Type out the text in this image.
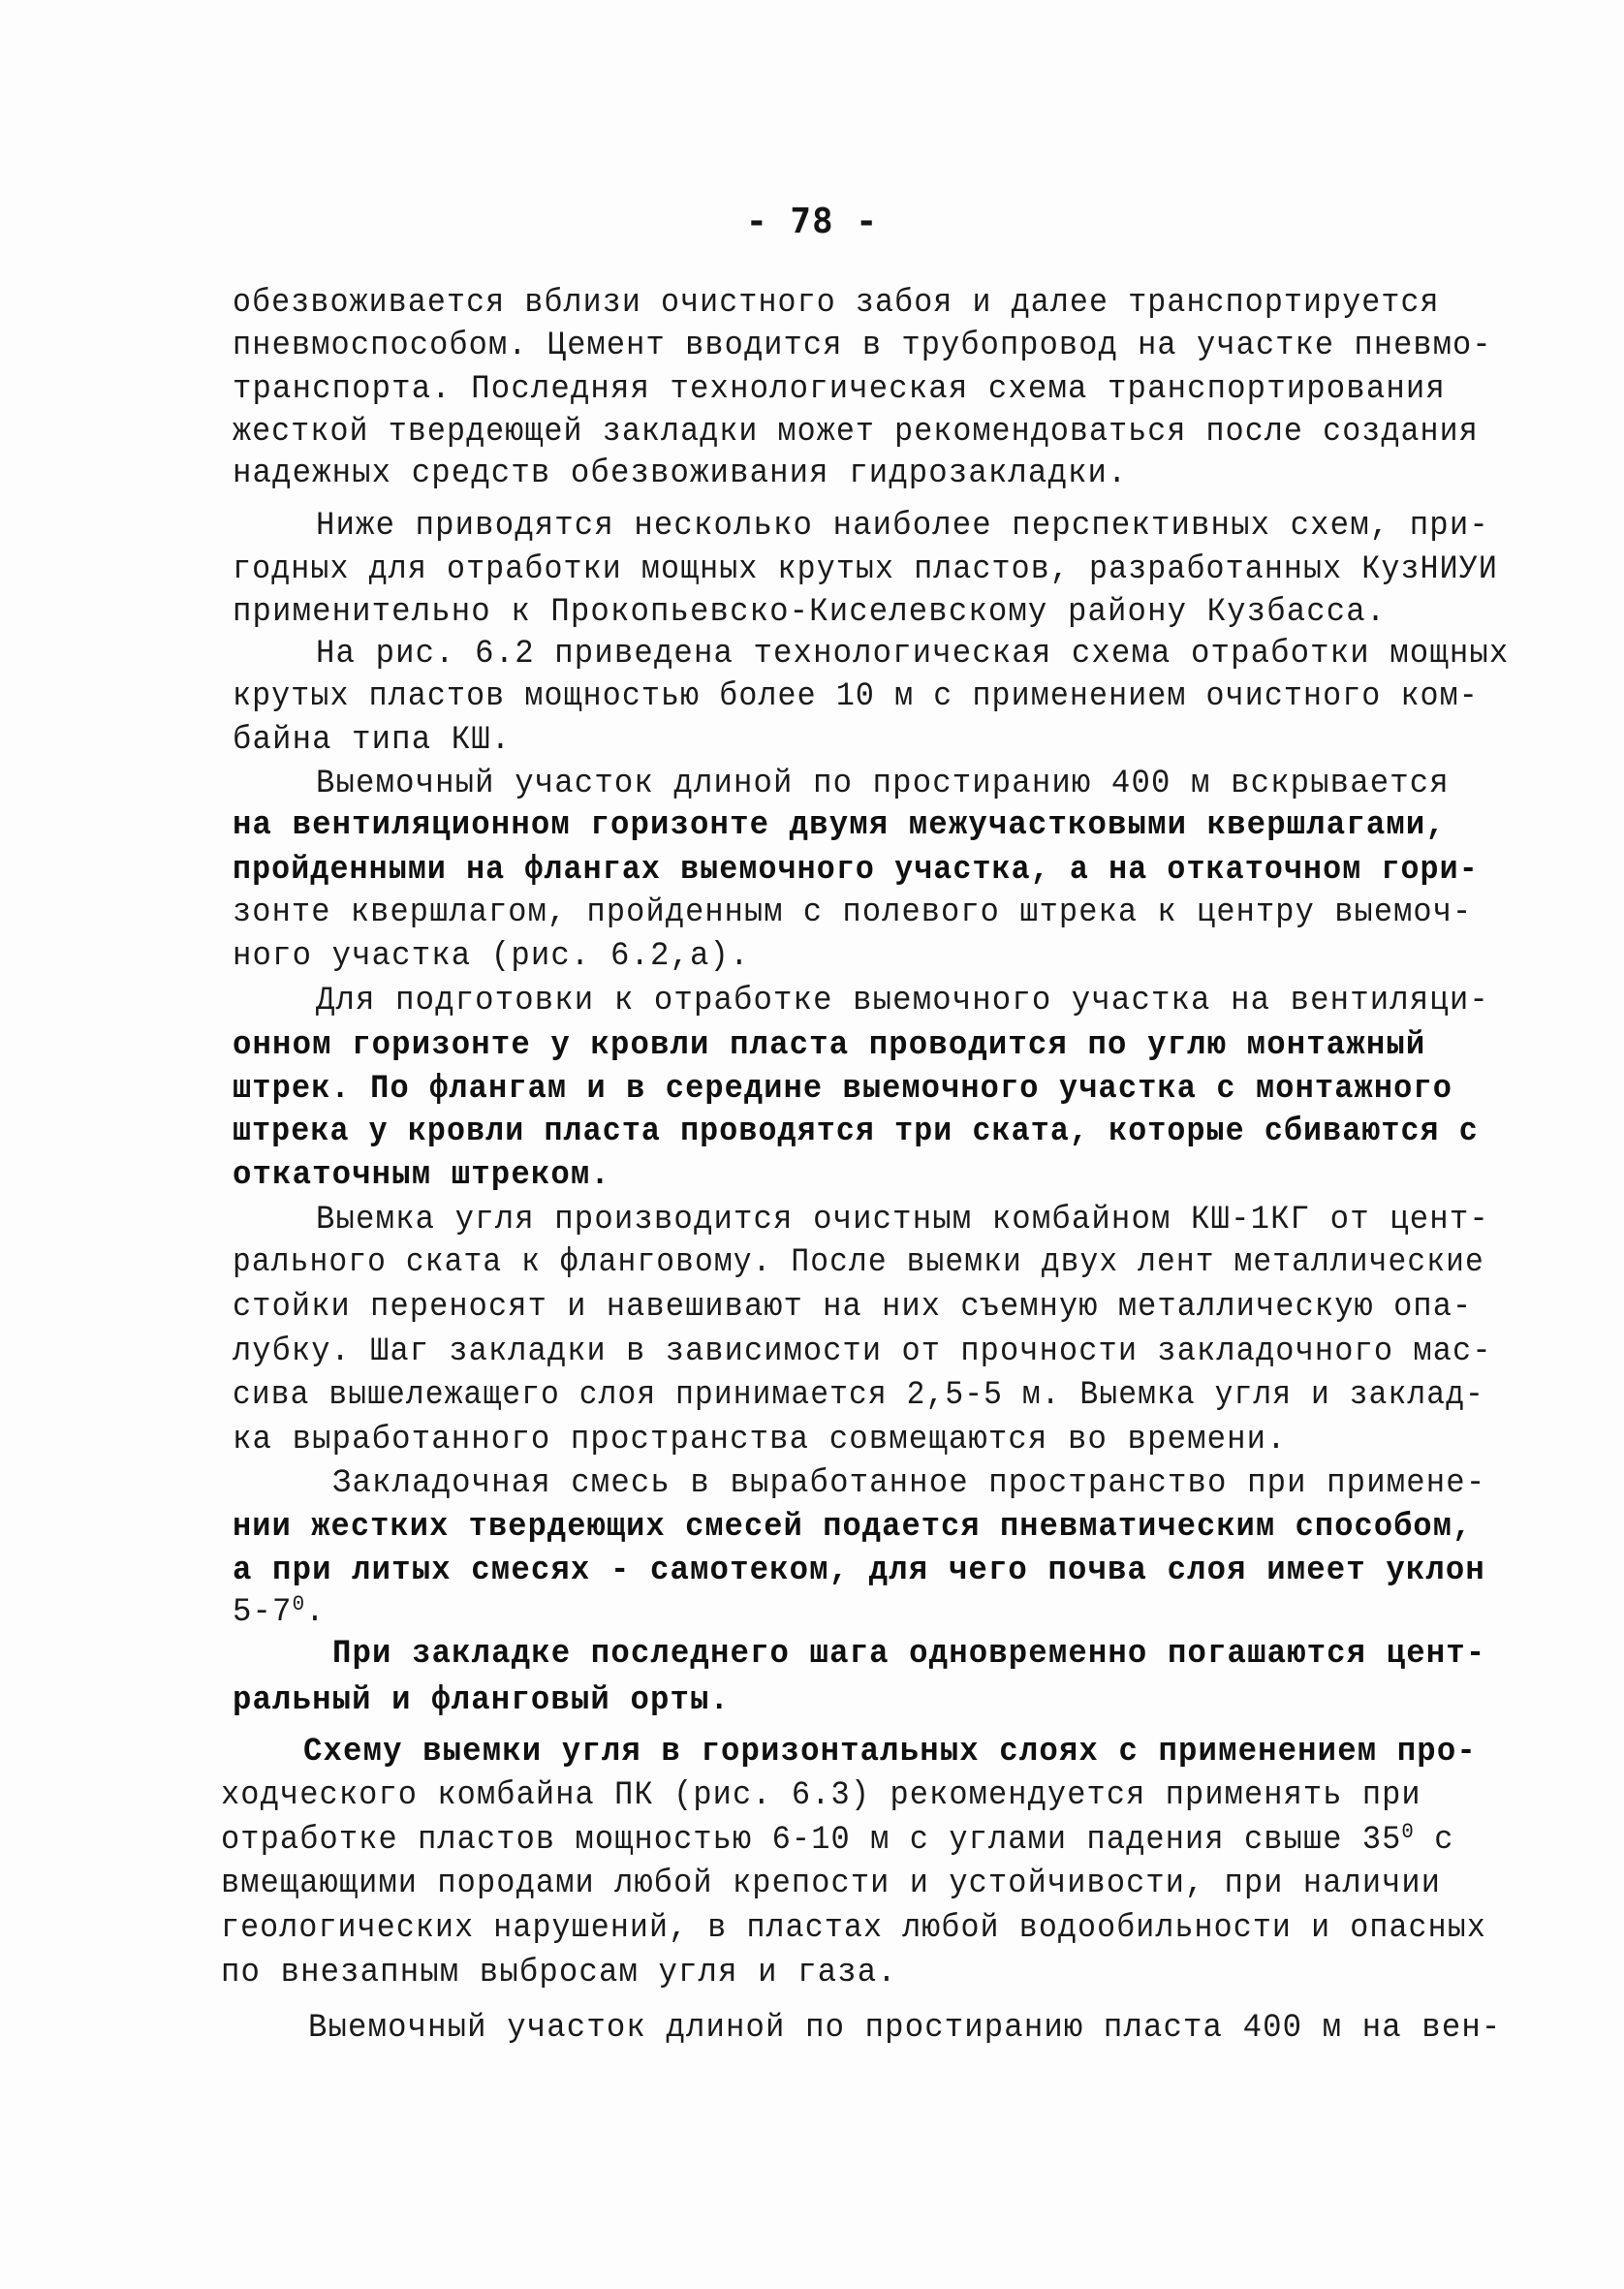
- 78 -
обезвоживается вблизи очистного забоя и далее транспортируется
пневмоспособом. Цемент вводится в трубопровод на участке пневмо-
транспорта. Последняя технологическая схема транспортирования
жесткой твердеющей закладки может рекомендоваться после создания
надежных средств обезвоживания гидрозакладки.
Ниже приводятся несколько наиболее перспективных схем, при-
годных для отработки мощных крутых пластов, разработанных КузНИУИ
применительно к Прокопьевско-Киселевскому району Кузбасса.
На рис. 6.2 приведена технологическая схема отработки мощных
крутых пластов мощностью более 10 м с применением очистного ком-
байна типа КШ.
Выемочный участок длиной по простиранию 400 м вскрывается
на вентиляционном горизонте двумя межучастковыми квершлагами,
пройденными на флангах выемочного участка, а на откаточном гори-
зонте квершлагом, пройденным с полевого штрека к центру выемоч-
ного участка (рис. 6.2,а).
Для подготовки к отработке выемочного участка на вентиляци-
онном горизонте у кровли пласта проводится по углю монтажный
штрек. По флангам и в середине выемочного участка с монтажного
штрека у кровли пласта проводятся три ската, которые сбиваются с
откаточным штреком.
Выемка угля производится очистным комбайном КШ-1КГ от цент-
рального ската к фланговому. После выемки двух лент металлические
стойки переносят и навешивают на них съемную металлическую опа-
лубку. Шаг закладки в зависимости от прочности закладочного мас-
сива вышележащего слоя принимается 2,5-5 м. Выемка угля и заклад-
ка выработанного пространства совмещаются во времени.
Закладочная смесь в выработанное пространство при примене-
нии жестких твердеющих смесей подается пневматическим способом,
а при литых смесях - самотеком, для чего почва слоя имеет уклон
$5-7^0$.
При закладке последнего шага одновременно погашаются цент-
ральный и фланговый орты.
Схему выемки угля в горизонтальных слоях с применением про-
ходческого комбайна ПК (рис. 6.3) рекомендуется применять при
отработке пластов мощностью 6-10 м с углами падения свыше $35^0$ с
вмещающими породами любой крепости и устойчивости, при наличии
геологических нарушений, в пластах любой водообильности и опасных
по внезапным выбросам угля и газа.
Выемочный участок длиной по простиранию пласта 400 м на вен-
